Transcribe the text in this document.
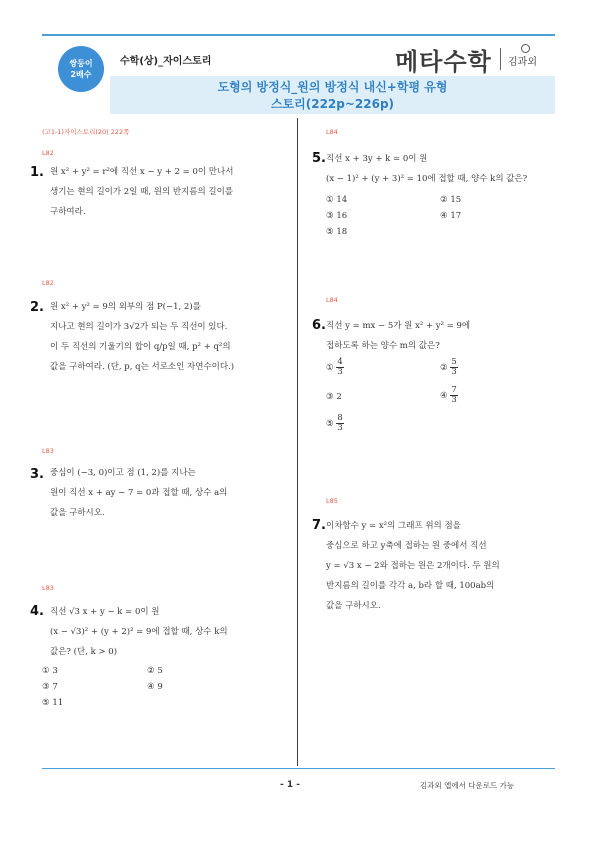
쌍둥이
2배수
수학(상)_자이스토리	메타수학 김과외
도형의 방정식_원의 방정식 내신+학평 유형
스토리(222p~226p)
(고1-1)자이스토리(20) 222쪽
L82
1. 원 x² + y² = r²에 직선 x − y + 2 = 0이 만나서
생기는 현의 길이가 2일 때, 원의 반지름의 길이를
구하여라.
L82
2. 원 x² + y² = 9의 외부의 점 P(−1, 2)를
지나고 현의 길이가 3√2가 되는 두 직선이 있다.
이 두 직선의 기울기의 합이 q/p일 때, p² + q²의
값을 구하여라. (단, p, q는 서로소인 자연수이다.)
L83
3. 중심이 (−3, 0)이고 점 (1, 2)를 지나는
원이 직선 x + ay − 7 = 0과 접할 때, 상수 a의
값을 구하시오.
L83
4. 직선 √3 x + y − k = 0이 원
(x − √3)² + (y + 2)² = 9에 접할 때, 상수 k의
값은? (단, k > 0)
① 3	② 5
③ 7	④ 9
⑤ 11
L84
5. 직선 x + 3y + k = 0이 원
(x − 1)² + (y + 3)² = 10에 접할 때, 양수 k의 값은?
① 14	② 15
③ 16	④ 17
⑤ 18
L84
6. 직선 y = mx − 5가 원 x² + y² = 9에
접하도록 하는 양수 m의 값은?
① $\frac{4}{3}$	② $\frac{5}{3}$
③ 2	④ $\frac{7}{3}$
⑤ $\frac{8}{3}$
L85
7. 이차함수 y = x²의 그래프 위의 점을
중심으로 하고 y축에 접하는 원 중에서 직선
y = √3 x − 2와 접하는 원은 2개이다. 두 원의
반지름의 길이를 각각 a, b라 할 때, 100ab의
값을 구하시오.
- 1 -	김과외 앱에서 다운로드 가능
